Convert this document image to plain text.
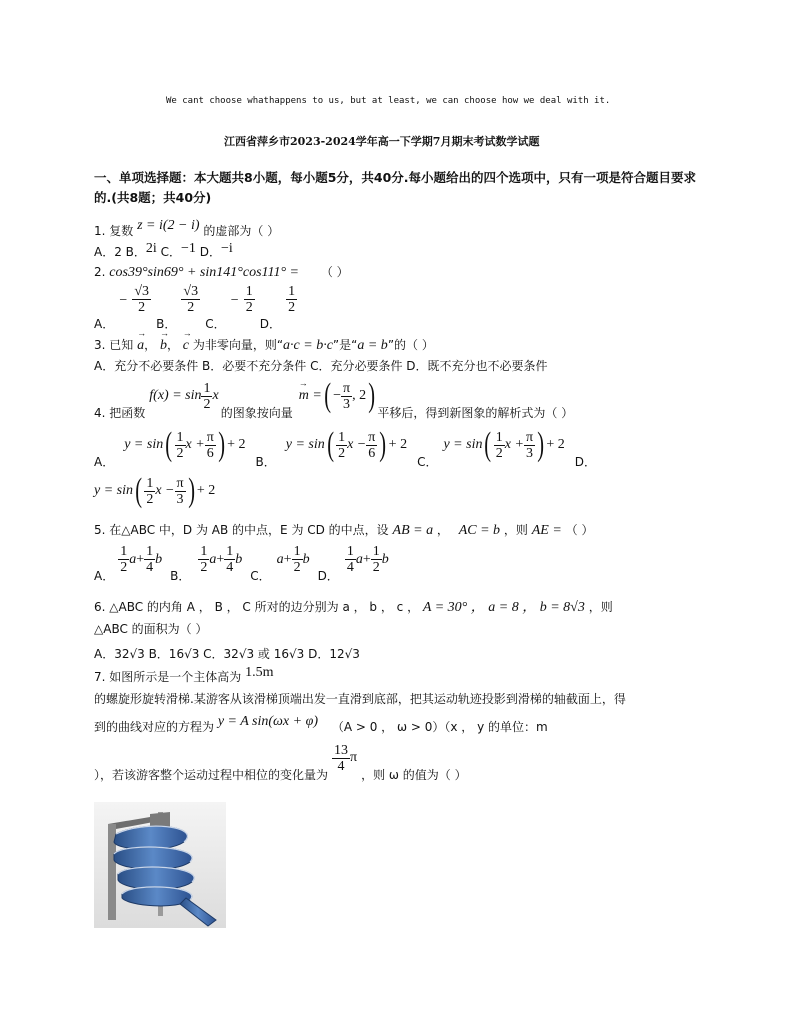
We cant choose whathappens to us, but at least, we can choose how we deal with it.
江西省萍乡市2023-2024学年高一下学期7月期末考试数学试题
一、单项选择题：本大题共8小题，每小题5分，共40分.每小题给出的四个选项中，只有一项是符合题目要求的.(共8题；共40分)
1. 复数 z = i(2 − i) 的虚部为（ ）
A．2 B．2i C．−1 D．−i
2. cos39°sin69° + sin141°cos111° = （ ）
$_{A.} - \frac{√3}{2}$
$_{B.}$
$\frac{√3}{2}$
$_{C.} - \frac{1}{2}$
$_{D.}$
$\frac{1}{2}$
3. 已知 → a， → b， → c 为非零向量，则“a·c = b·c”是“a = b”的（ ）
A．充分不必要条件 B．必要不充分条件 C．充分必要条件 D．既不充分也不必要条件
4. 把函数
$f(x) = \sin \frac{1}{2}$ x
的图象按向量
→ m = ( − $\frac{\pi}{3}$ , 2 ) 平移后，得到新图象的解析式为（ ）
A．
y = sin ( $\frac{1}{2}$ $x + \frac{\pi}{6}$ ) + 2
B．
y = sin ( $\frac{1}{2}$ $x - \frac{\pi}{6}$ ) + 2
C．
y = sin ( $\frac{1}{2}$ $x + \frac{\pi}{3}$ ) + 2
D．
y = sin ( $\frac{1}{2}$ $x - \frac{\pi}{3}$ ) + 2
5. 在△ABC 中，D 为 AB 的中点，E 为 CD 的中点，设 AB = a ， AC = b ，则 AE = （ ）
A．
$\frac{1}{2}$ $a + \frac{1}{4}$ b
B．
$\frac{1}{2}$ $a + \frac{1}{4}$ b
C．
$a + \frac{1}{2}$ b
D．
$\frac{1}{4}$ $a + \frac{1}{2}$ b
6. △ABC 的内角 A ， B ， C 所对的边分别为 a ， b ， c ， A = 30° ， a = 8 ， b = 8√3 ，则
△ABC 的面积为（ ）
A．32√3 B．16√3 C．32√3 或 16√3 D．12√3
7. 如图所示是一个主体高为 1.5m
的螺旋形旋转滑梯.某游客从该滑梯顶端出发一直滑到底部，把其运动轨迹投影到滑梯的轴截面上，得
到的曲线对应的方程为 y = A sin(ωx + φ) （A > 0 ， ω > 0）（x ， y 的单位：m
），若该游客整个运动过程中相位的变化量为
$\frac{13}{4}$ π
，则 ω 的值为（ ）
